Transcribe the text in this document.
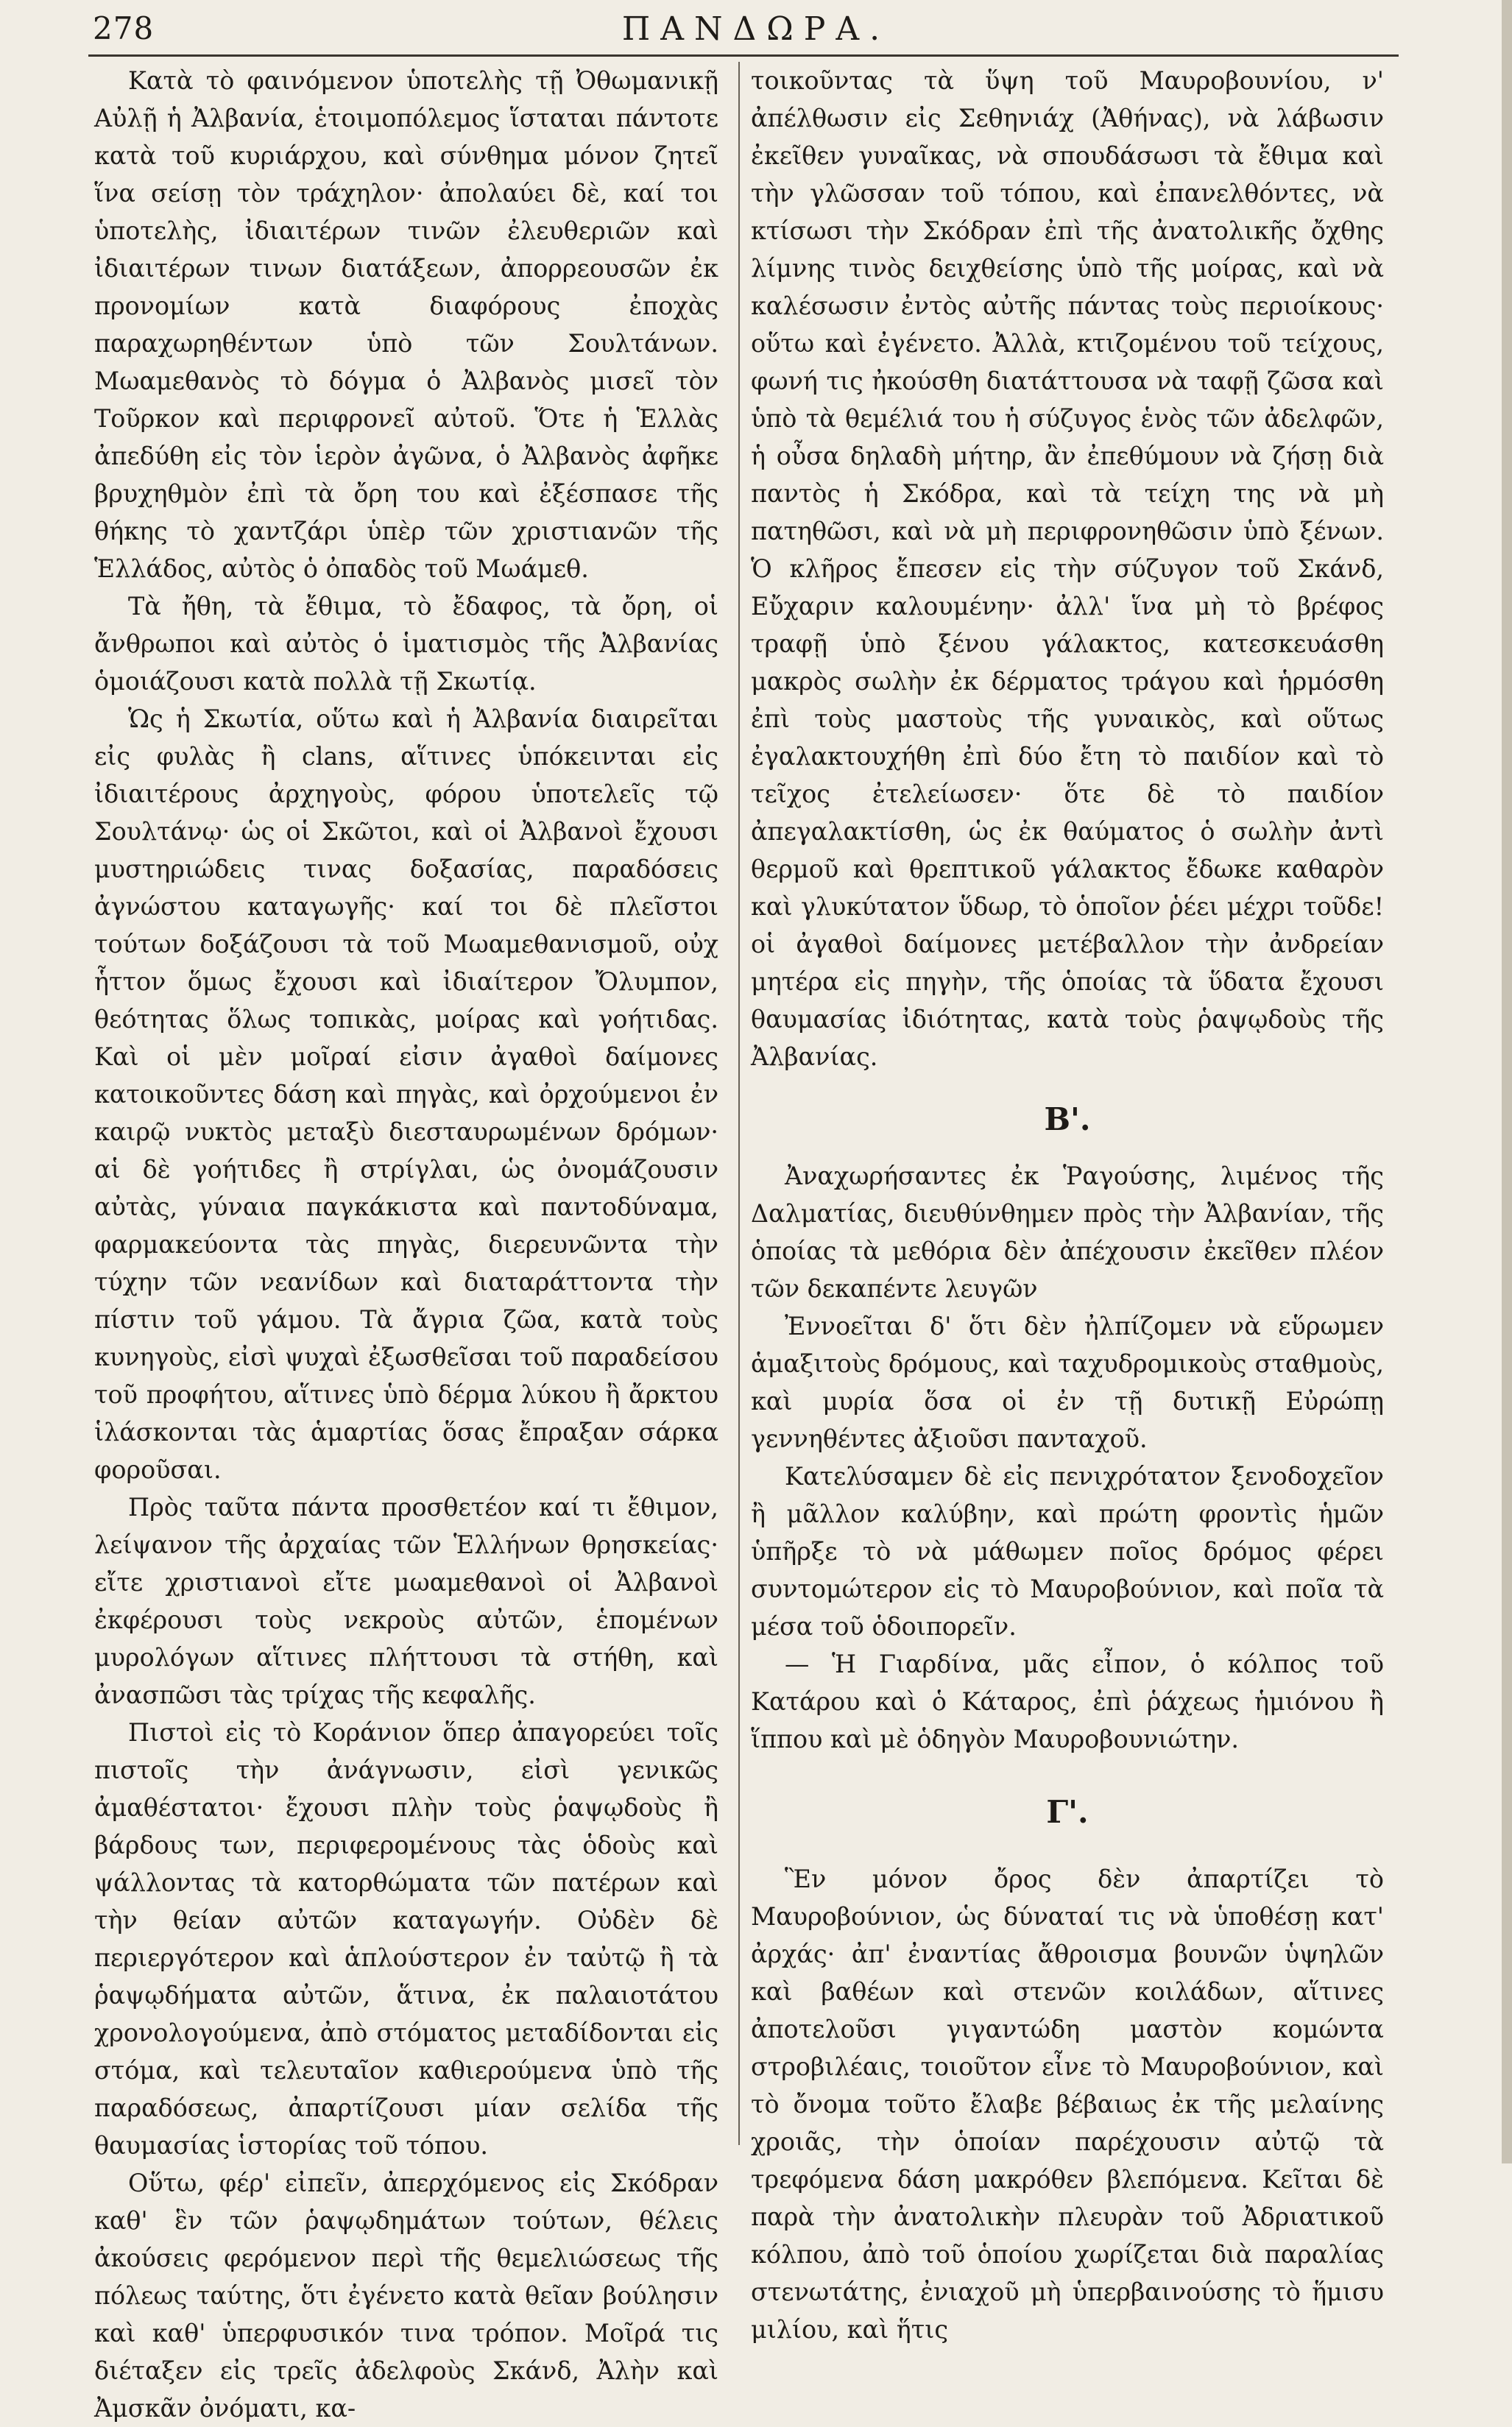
278	ΠΑΝΔΩΡΑ.

Κατὰ τὸ φαινόμενον ὑποτελὴς τῇ Ὀθωμανικῇ Αὐλῇ ἡ Ἀλβανία, ἑτοιμοπόλεμος ἵσταται πάντοτε κατὰ τοῦ κυριάρχου, καὶ σύνθημα μόνον ζητεῖ ἵνα σείσῃ τὸν τράχηλον· ἀπολαύει δὲ, καί τοι ὑποτελὴς, ἰδιαιτέρων τινῶν ἐλευθεριῶν καὶ ἰδιαιτέρων τινων διατάξεων, ἀπορρεουσῶν ἐκ προνομίων κατὰ διαφόρους ἐποχὰς παραχωρηθέντων ὑπὸ τῶν Σουλτάνων. Μωαμεθανὸς τὸ δόγμα ὁ Ἀλβανὸς μισεῖ τὸν Τοῦρκον καὶ περιφρονεῖ αὐτοῦ. Ὅτε ἡ Ἑλλὰς ἀπεδύθη εἰς τὸν ἱερὸν ἀγῶνα, ὁ Ἀλβανὸς ἀφῆκε βρυχηθμὸν ἐπὶ τὰ ὄρη του καὶ ἐξέσπασε τῆς θήκης τὸ χαντζάρι ὑπὲρ τῶν χριστιανῶν τῆς Ἑλλάδος, αὐτὸς ὁ ὀπαδὸς τοῦ Μωάμεθ.

Τὰ ἤθη, τὰ ἔθιμα, τὸ ἔδαφος, τὰ ὄρη, οἱ ἄνθρωποι καὶ αὐτὸς ὁ ἱματισμὸς τῆς Ἀλβανίας ὁμοιάζουσι κατὰ πολλὰ τῇ Σκωτίᾳ.

Ὡς ἡ Σκωτία, οὕτω καὶ ἡ Ἀλβανία διαιρεῖται εἰς φυλὰς ἢ clans, αἵτινες ὑπόκεινται εἰς ἰδιαιτέρους ἀρχηγοὺς, φόρου ὑποτελεῖς τῷ Σουλτάνῳ· ὡς οἱ Σκῶτοι, καὶ οἱ Ἀλβανοὶ ἔχουσι μυστηριώδεις τινας δοξασίας, παραδόσεις ἀγνώστου καταγωγῆς· καί τοι δὲ πλεῖστοι τούτων δοξάζουσι τὰ τοῦ Μωαμεθανισμοῦ, οὐχ ἧττον ὅμως ἔχουσι καὶ ἰδιαίτερον Ὄλυμπον, θεότητας ὅλως τοπικὰς, μοίρας καὶ γοήτιδας. Καὶ οἱ μὲν μοῖραί εἰσιν ἀγαθοὶ δαίμονες κατοικοῦντες δάση καὶ πηγὰς, καὶ ὀρχούμενοι ἐν καιρῷ νυκτὸς μεταξὺ διεσταυρωμένων δρόμων· αἱ δὲ γοήτιδες ἢ στρίγλαι, ὡς ὀνομάζουσιν αὐτὰς, γύναια παγκάκιστα καὶ παντοδύναμα, φαρμακεύοντα τὰς πηγὰς, διερευνῶντα τὴν τύχην τῶν νεανίδων καὶ διαταράττοντα τὴν πίστιν τοῦ γάμου. Τὰ ἄγρια ζῶα, κατὰ τοὺς κυνηγοὺς, εἰσὶ ψυχαὶ ἐξωσθεῖσαι τοῦ παραδείσου τοῦ προφήτου, αἵτινες ὑπὸ δέρμα λύκου ἢ ἄρκτου ἱλάσκονται τὰς ἁμαρτίας ὅσας ἔπραξαν σάρκα φοροῦσαι.

Πρὸς ταῦτα πάντα προσθετέον καί τι ἔθιμον, λείψανον τῆς ἀρχαίας τῶν Ἑλλήνων θρησκείας· εἴτε χριστιανοὶ εἴτε μωαμεθανοὶ οἱ Ἀλβανοὶ ἐκφέρουσι τοὺς νεκροὺς αὐτῶν, ἑπομένων μυρολόγων αἵτινες πλήττουσι τὰ στήθη, καὶ ἀνασπῶσι τὰς τρίχας τῆς κεφαλῆς.

Πιστοὶ εἰς τὸ Κοράνιον ὅπερ ἀπαγορεύει τοῖς πιστοῖς τὴν ἀνάγνωσιν, εἰσὶ γενικῶς ἀμαθέστατοι· ἔχουσι πλὴν τοὺς ῥαψῳδοὺς ἢ βάρδους των, περιφερομένους τὰς ὁδοὺς καὶ ψάλλοντας τὰ κατορθώματα τῶν πατέρων καὶ τὴν θείαν αὐτῶν καταγωγήν. Οὐδὲν δὲ περιεργότερον καὶ ἁπλούστερον ἐν ταὐτῷ ἢ τὰ ῥαψῳδήματα αὐτῶν, ἅτινα, ἐκ παλαιοτάτου χρονολογούμενα, ἀπὸ στόματος μεταδίδονται εἰς στόμα, καὶ τελευταῖον καθιερούμενα ὑπὸ τῆς παραδόσεως, ἀπαρτίζουσι μίαν σελίδα τῆς θαυμασίας ἱστορίας τοῦ τόπου.

Οὕτω, φέρ' εἰπεῖν, ἀπερχόμενος εἰς Σκόδραν καθ' ἓν τῶν ῥαψῳδημάτων τούτων, θέλεις ἀκούσεις φερόμενον περὶ τῆς θεμελιώσεως τῆς πόλεως ταύτης, ὅτι ἐγένετο κατὰ θεῖαν βούλησιν καὶ καθ' ὑπερφυσικόν τινα τρόπον. Μοῖρά τις διέταξεν εἰς τρεῖς ἀδελφοὺς Σκάνδ, Ἀλὴν καὶ Ἀμσκᾶν ὀνόματι, κα-

τοικοῦντας τὰ ὕψη τοῦ Μαυροβουνίου, ν' ἀπέλθωσιν εἰς Σεθηνιάχ (Ἀθήνας), νὰ λάβωσιν ἐκεῖθεν γυναῖκας, νὰ σπουδάσωσι τὰ ἔθιμα καὶ τὴν γλῶσσαν τοῦ τόπου, καὶ ἐπανελθόντες, νὰ κτίσωσι τὴν Σκόδραν ἐπὶ τῆς ἀνατολικῆς ὄχθης λίμνης τινὸς δειχθείσης ὑπὸ τῆς μοίρας, καὶ νὰ καλέσωσιν ἐντὸς αὐτῆς πάντας τοὺς περιοίκους· οὕτω καὶ ἐγένετο. Ἀλλὰ, κτιζομένου τοῦ τείχους, φωνή τις ἠκούσθη διατάττουσα νὰ ταφῇ ζῶσα καὶ ὑπὸ τὰ θεμέλιά του ἡ σύζυγος ἑνὸς τῶν ἀδελφῶν, ἡ οὖσα δηλαδὴ μήτηρ, ἂν ἐπεθύμουν νὰ ζήσῃ διὰ παντὸς ἡ Σκόδρα, καὶ τὰ τείχη της νὰ μὴ πατηθῶσι, καὶ νὰ μὴ περιφρονηθῶσιν ὑπὸ ξένων. Ὁ κλῆρος ἔπεσεν εἰς τὴν σύζυγον τοῦ Σκάνδ, Εὔχαριν καλουμένην· ἀλλ' ἵνα μὴ τὸ βρέφος τραφῇ ὑπὸ ξένου γάλακτος, κατεσκευάσθη μακρὸς σωλὴν ἐκ δέρματος τράγου καὶ ἡρμόσθη ἐπὶ τοὺς μαστοὺς τῆς γυναικὸς, καὶ οὕτως ἐγαλακτουχήθη ἐπὶ δύο ἔτη τὸ παιδίον καὶ τὸ τεῖχος ἐτελείωσεν· ὅτε δὲ τὸ παιδίον ἀπεγαλακτίσθη, ὡς ἐκ θαύματος ὁ σωλὴν ἀντὶ θερμοῦ καὶ θρεπτικοῦ γάλακτος ἔδωκε καθαρὸν καὶ γλυκύτατον ὕδωρ, τὸ ὁποῖον ῥέει μέχρι τοῦδε! οἱ ἀγαθοὶ δαίμονες μετέβαλλον τὴν ἀνδρείαν μητέρα εἰς πηγὴν, τῆς ὁποίας τὰ ὕδατα ἔχουσι θαυμασίας ἰδιότητας, κατὰ τοὺς ῥαψῳδοὺς τῆς Ἀλβανίας.

Β'.

Ἀναχωρήσαντες ἐκ Ῥαγούσης, λιμένος τῆς Δαλματίας, διευθύνθημεν πρὸς τὴν Ἀλβανίαν, τῆς ὁποίας τὰ μεθόρια δὲν ἀπέχουσιν ἐκεῖθεν πλέον τῶν δεκαπέντε λευγῶν

Ἐννοεῖται δ' ὅτι δὲν ἠλπίζομεν νὰ εὕρωμεν ἁμαξιτοὺς δρόμους, καὶ ταχυδρομικοὺς σταθμοὺς, καὶ μυρία ὅσα οἱ ἐν τῇ δυτικῇ Εὐρώπῃ γεννηθέντες ἀξιοῦσι πανταχοῦ.

Κατελύσαμεν δὲ εἰς πενιχρότατον ξενοδοχεῖον ἢ μᾶλλον καλύβην, καὶ πρώτη φροντὶς ἡμῶν ὑπῆρξε τὸ νὰ μάθωμεν ποῖος δρόμος φέρει συντομώτερον εἰς τὸ Μαυροβούνιον, καὶ ποῖα τὰ μέσα τοῦ ὁδοιπορεῖν.

— Ἡ Γιαρδίνα, μᾶς εἶπον, ὁ κόλπος τοῦ Κατάρου καὶ ὁ Κάταρος, ἐπὶ ῥάχεως ἡμιόνου ἢ ἵππου καὶ μὲ ὁδηγὸν Μαυροβουνιώτην.

Γ'.

Ἓν μόνον ὄρος δὲν ἀπαρτίζει τὸ Μαυροβούνιον, ὡς δύναταί τις νὰ ὑποθέσῃ κατ' ἀρχάς· ἀπ' ἐναντίας ἄθροισμα βουνῶν ὑψηλῶν καὶ βαθέων καὶ στενῶν κοιλάδων, αἵτινες ἀποτελοῦσι γιγαντώδη μαστὸν κομώντα στροβιλέαις, τοιοῦτον εἶνε τὸ Μαυροβούνιον, καὶ τὸ ὄνομα τοῦτο ἔλαβε βέβαιως ἐκ τῆς μελαίνης χροιᾶς, τὴν ὁποίαν παρέχουσιν αὐτῷ τὰ τρεφόμενα δάση μακρόθεν βλεπόμενα. Κεῖται δὲ παρὰ τὴν ἀνατολικὴν πλευρὰν τοῦ Ἀδριατικοῦ κόλπου, ἀπὸ τοῦ ὁποίου χωρίζεται διὰ παραλίας στενωτάτης, ἐνιαχοῦ μὴ ὑπερβαινούσης τὸ ἥμισυ μιλίου, καὶ ἥτις
